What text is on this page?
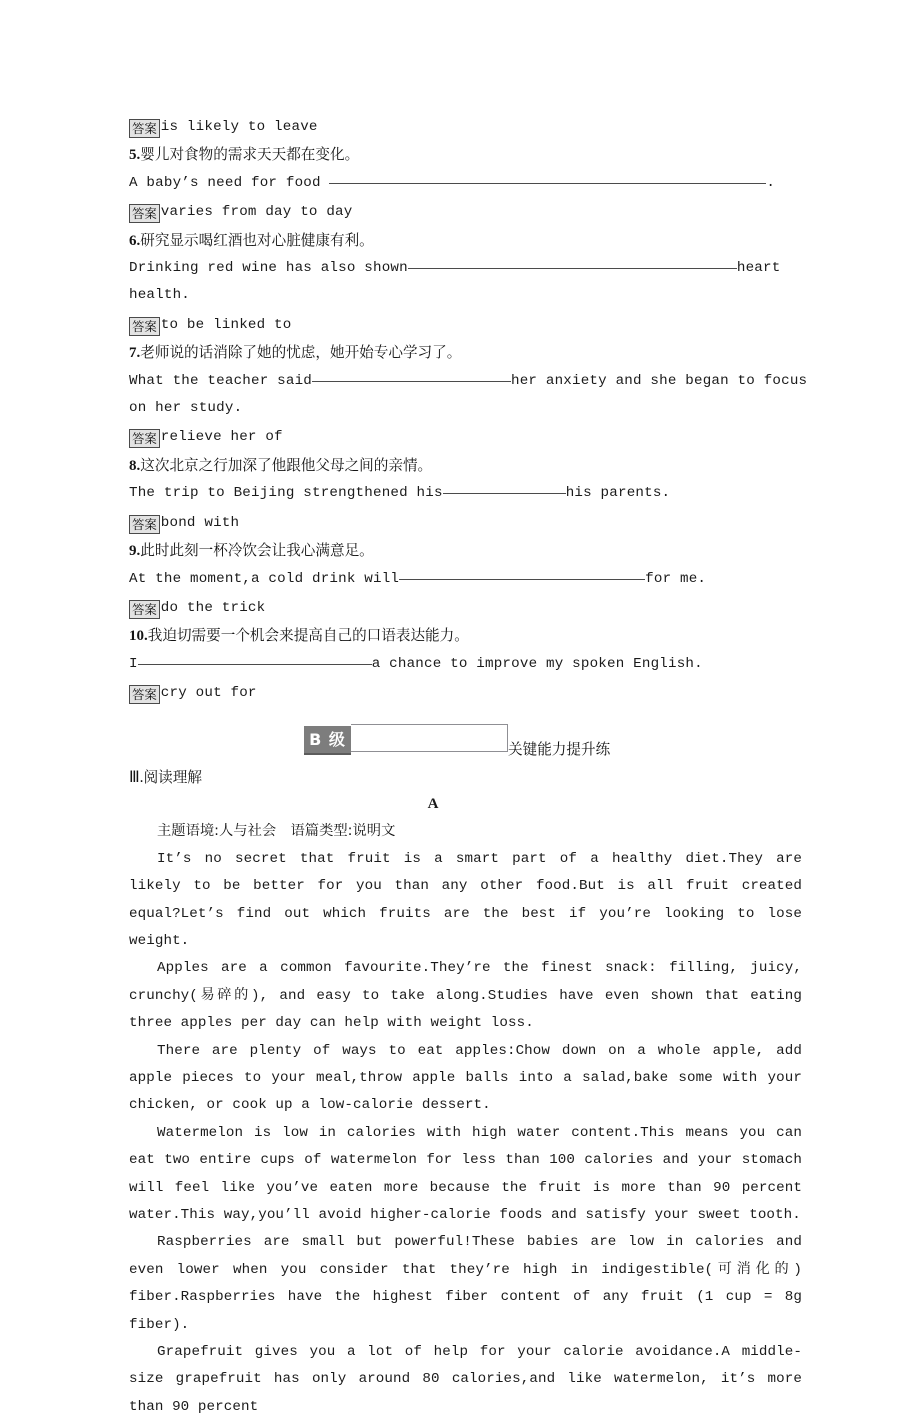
答案 is likely to leave
5.婴儿对食物的需求天天都在变化。
A baby’s need for food	.
答案 varies from day to day
6.研究显示喝红酒也对心脏健康有利。
Drinking red wine has also shown	heart
health.
答案 to be linked to
7.老师说的话消除了她的忧虑，她开始专心学习了。
What the teacher said	her anxiety and she began to focus
on her study.
答案 relieve her of
8.这次北京之行加深了他跟他父母之间的亲情。
The trip to Beijing strengthened his	his parents.
答案 bond with
9.此时此刻一杯冷饮会让我心满意足。
At the moment,a cold drink will	for me.
答案 do the trick
10.我迫切需要一个机会来提高自己的口语表达能力。
I	a chance to improve my spoken English.
答案 cry out for
B 级
关键能力提升练
Ⅲ.阅读理解
A
主题语境:人与社会　语篇类型:说明文

It’s no secret that fruit is a smart part of a healthy diet.They are likely to be better for you than any other food.But is all fruit created equal?Let’s find out which fruits are the best if you’re looking to lose weight.

Apples are a common favourite.They’re the finest snack: filling, juicy, crunchy(易碎的), and easy to take along.Studies have even shown that eating three apples per day can help with weight loss.

There are plenty of ways to eat apples:Chow down on a whole apple, add apple pieces to your meal,throw apple balls into a salad,bake some with your chicken, or cook up a low-calorie dessert.

Watermelon is low in calories with high water content.This means you can eat two entire cups of watermelon for less than 100 calories and your stomach will feel like you’ve eaten more because the fruit is more than 90 percent water.This way,you’ll avoid higher-calorie foods and satisfy your sweet tooth.

Raspberries are small but powerful!These babies are low in calories and even lower when you consider that they’re high in indigestible(可消化的) fiber.Raspberries have the highest fiber content of any fruit (1 cup = 8g fiber).

Grapefruit gives you a lot of help for your calorie avoidance.A middle-size grapefruit has only around 80 calories,and like watermelon, it’s more than 90 percent
